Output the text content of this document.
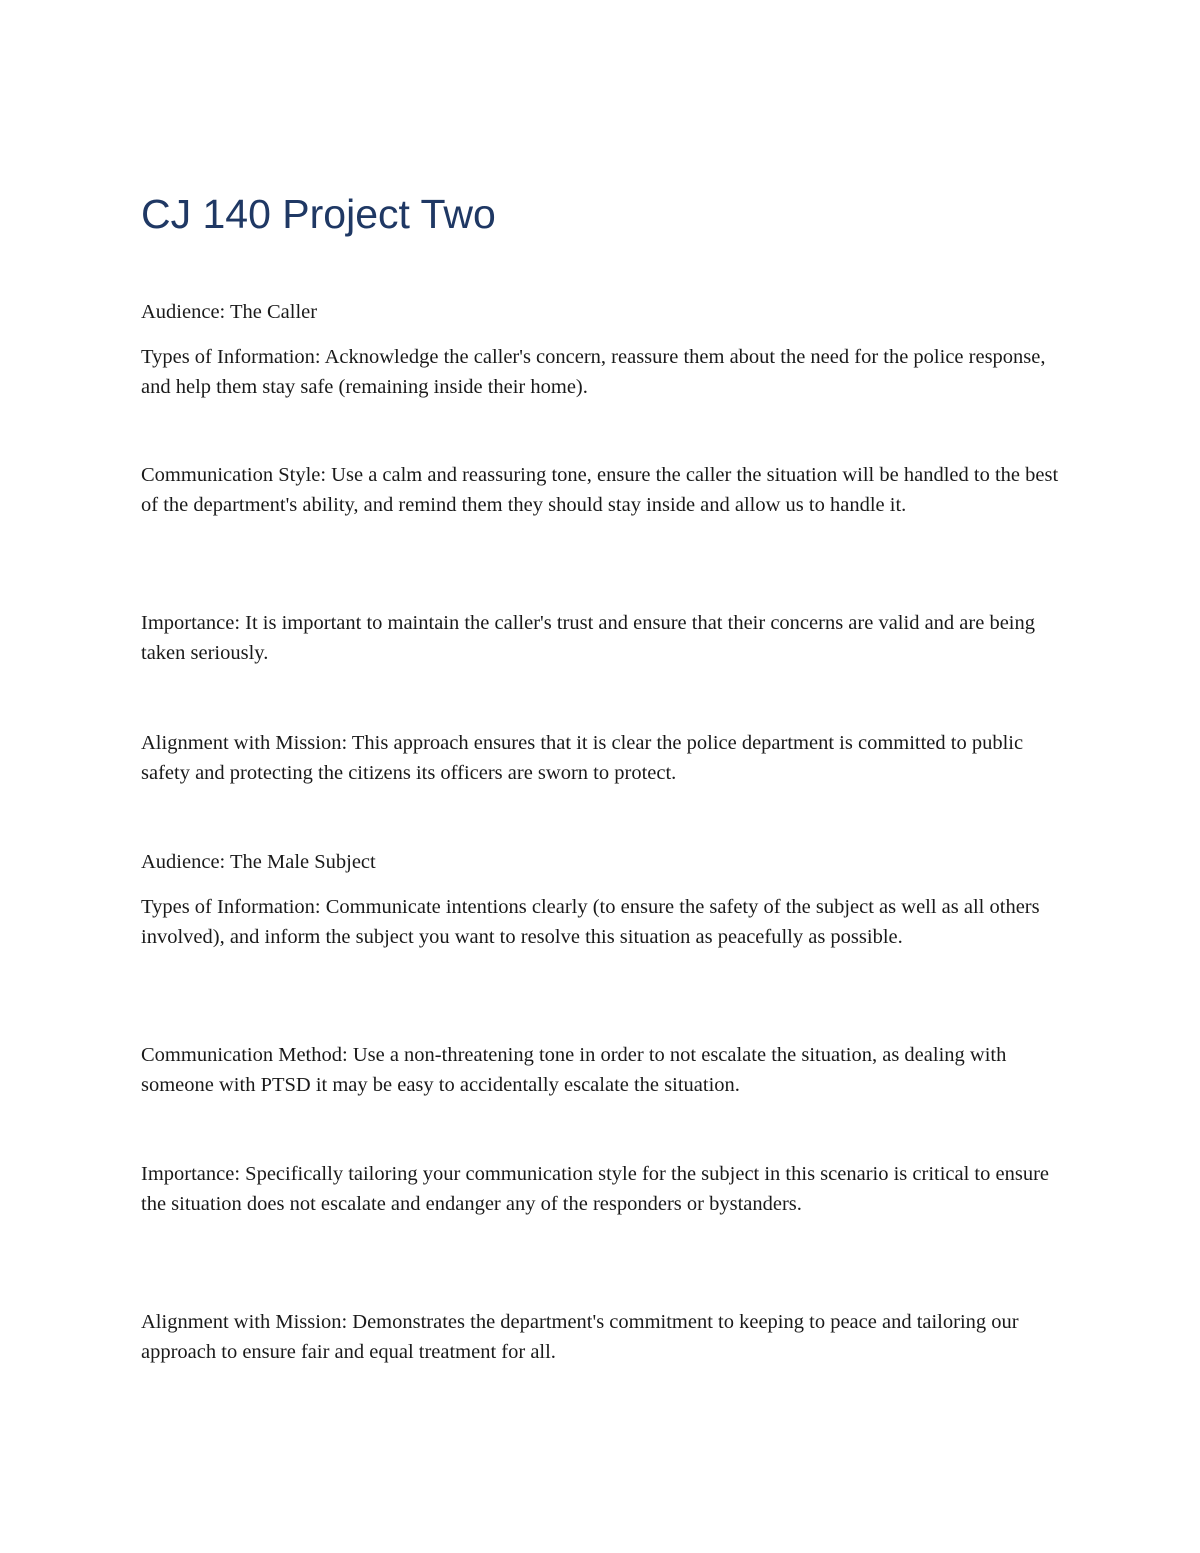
CJ 140 Project Two

Audience: The Caller

Types of Information: Acknowledge the caller's concern, reassure them about the need for the police response, and help them stay safe (remaining inside their home).

Communication Style: Use a calm and reassuring tone, ensure the caller the situation will be handled to the best of the department's ability, and remind them they should stay inside and allow us to handle it.

Importance: It is important to maintain the caller's trust and ensure that their concerns are valid and are being taken seriously.

Alignment with Mission: This approach ensures that it is clear the police department is committed to public safety and protecting the citizens its officers are sworn to protect.

Audience: The Male Subject

Types of Information: Communicate intentions clearly (to ensure the safety of the subject as well as all others involved), and inform the subject you want to resolve this situation as peacefully as possible.

Communication Method: Use a non-threatening tone in order to not escalate the situation, as dealing with someone with PTSD it may be easy to accidentally escalate the situation.

Importance: Specifically tailoring your communication style for the subject in this scenario is critical to ensure the situation does not escalate and endanger any of the responders or bystanders.

Alignment with Mission: Demonstrates the department's commitment to keeping to peace and tailoring our approach to ensure fair and equal treatment for all.
